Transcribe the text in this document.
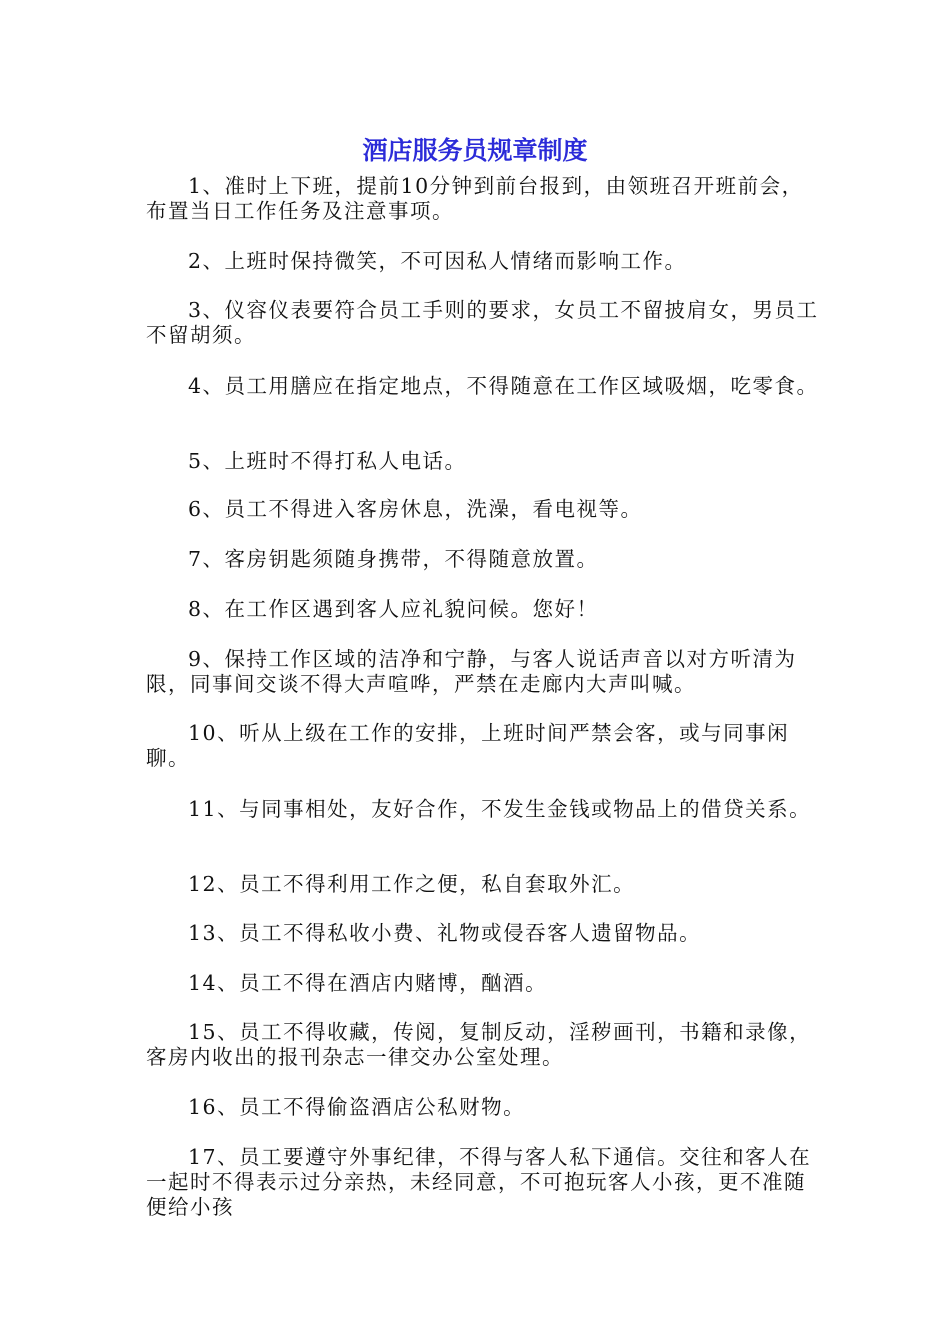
酒店服务员规章制度
1、准时上下班，提前10分钟到前台报到，由领班召开班前会，布置当日工作任务及注意事项。
2、上班时保持微笑，不可因私人情绪而影响工作。
3、仪容仪表要符合员工手则的要求，女员工不留披肩女，男员工不留胡须。
4、员工用膳应在指定地点，不得随意在工作区域吸烟，吃零食。
5、上班时不得打私人电话。
6、员工不得进入客房休息，洗澡，看电视等。
7、客房钥匙须随身携带，不得随意放置。
8、在工作区遇到客人应礼貌问候。您好！
9、保持工作区域的洁净和宁静，与客人说话声音以对方听清为限，同事间交谈不得大声喧哗，严禁在走廊内大声叫喊。
10、听从上级在工作的安排，上班时间严禁会客，或与同事闲聊。
11、与同事相处，友好合作，不发生金钱或物品上的借贷关系。
12、员工不得利用工作之便，私自套取外汇。
13、员工不得私收小费、礼物或侵吞客人遗留物品。
14、员工不得在酒店内赌博，酗酒。
15、员工不得收藏，传阅，复制反动，淫秽画刊，书籍和录像，客房内收出的报刊杂志一律交办公室处理。
16、员工不得偷盗酒店公私财物。
17、员工要遵守外事纪律，不得与客人私下通信。交往和客人在一起时不得表示过分亲热，未经同意，不可抱玩客人小孩，更不准随便给小孩
